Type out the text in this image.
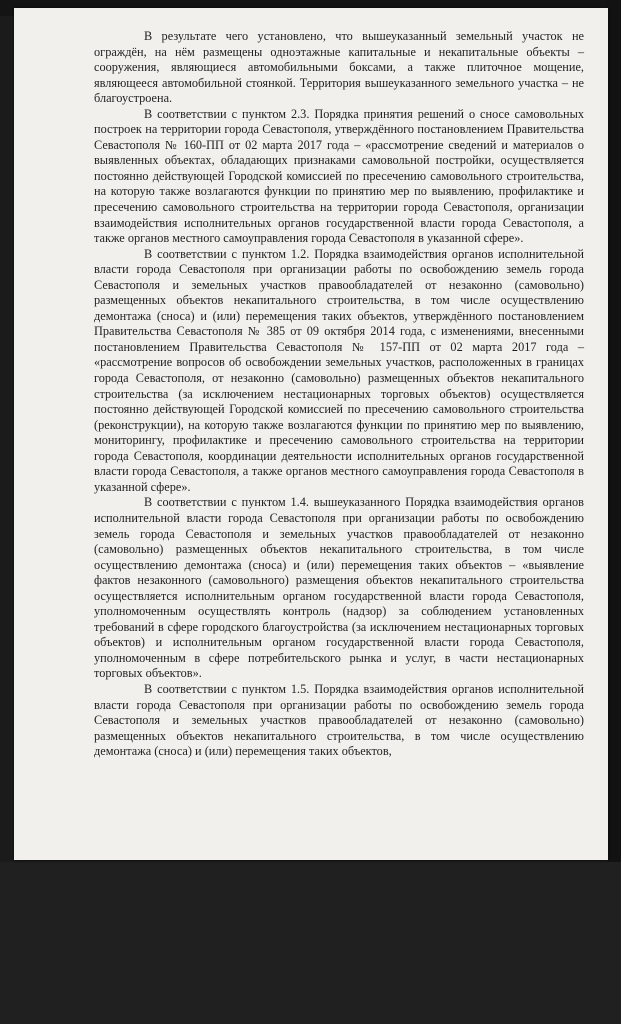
В результате чего установлено, что вышеуказанный земельный участок не ограждён, на нём размещены одноэтажные капитальные и некапитальные объекты – сооружения, являющиеся автомобильными боксами, а также плиточное мощение, являющееся автомобильной стоянкой. Территория вышеуказанного земельного участка – не благоустроена.

В соответствии с пунктом 2.3. Порядка принятия решений о сносе самовольных построек на территории города Севастополя, утверждённого постановлением Правительства Севастополя № 160-ПП от 02 марта 2017 года – «рассмотрение сведений и материалов о выявленных объектах, обладающих признаками самовольной постройки, осуществляется постоянно действующей Городской комиссией по пресечению самовольного строительства, на которую также возлагаются функции по принятию мер по выявлению, профилактике и пресечению самовольного строительства на территории города Севастополя, организации взаимодействия исполнительных органов государственной власти города Севастополя, а также органов местного самоуправления города Севастополя в указанной сфере».

В соответствии с пунктом 1.2. Порядка взаимодействия органов исполнительной власти города Севастополя при организации работы по освобождению земель города Севастополя и земельных участков правообладателей от незаконно (самовольно) размещенных объектов некапитального строительства, в том числе осуществлению демонтажа (сноса) и (или) перемещения таких объектов, утверждённого постановлением Правительства Севастополя № 385 от 09 октября 2014 года, с изменениями, внесенными постановлением Правительства Севастополя № 157-ПП от 02 марта 2017 года – «рассмотрение вопросов об освобождении земельных участков, расположенных в границах города Севастополя, от незаконно (самовольно) размещенных объектов некапитального строительства (за исключением нестационарных торговых объектов) осуществляется постоянно действующей Городской комиссией по пресечению самовольного строительства (реконструкции), на которую также возлагаются функции по принятию мер по выявлению, мониторингу, профилактике и пресечению самовольного строительства на территории города Севастополя, координации деятельности исполнительных органов государственной власти города Севастополя, а также органов местного самоуправления города Севастополя в указанной сфере».

В соответствии с пунктом 1.4. вышеуказанного Порядка взаимодействия органов исполнительной власти города Севастополя при организации работы по освобождению земель города Севастополя и земельных участков правообладателей от незаконно (самовольно) размещенных объектов некапитального строительства, в том числе осуществлению демонтажа (сноса) и (или) перемещения таких объектов – «выявление фактов незаконного (самовольного) размещения объектов некапитального строительства осуществляется исполнительным органом государственной власти города Севастополя, уполномоченным осуществлять контроль (надзор) за соблюдением установленных требований в сфере городского благоустройства (за исключением нестационарных торговых объектов) и исполнительным органом государственной власти города Севастополя, уполномоченным в сфере потребительского рынка и услуг, в части нестационарных торговых объектов».

В соответствии с пунктом 1.5. Порядка взаимодействия органов исполнительной власти города Севастополя при организации работы по освобождению земель города Севастополя и земельных участков правообладателей от незаконно (самовольно) размещенных объектов некапитального строительства, в том числе осуществлению демонтажа (сноса) и (или) перемещения таких объектов,
